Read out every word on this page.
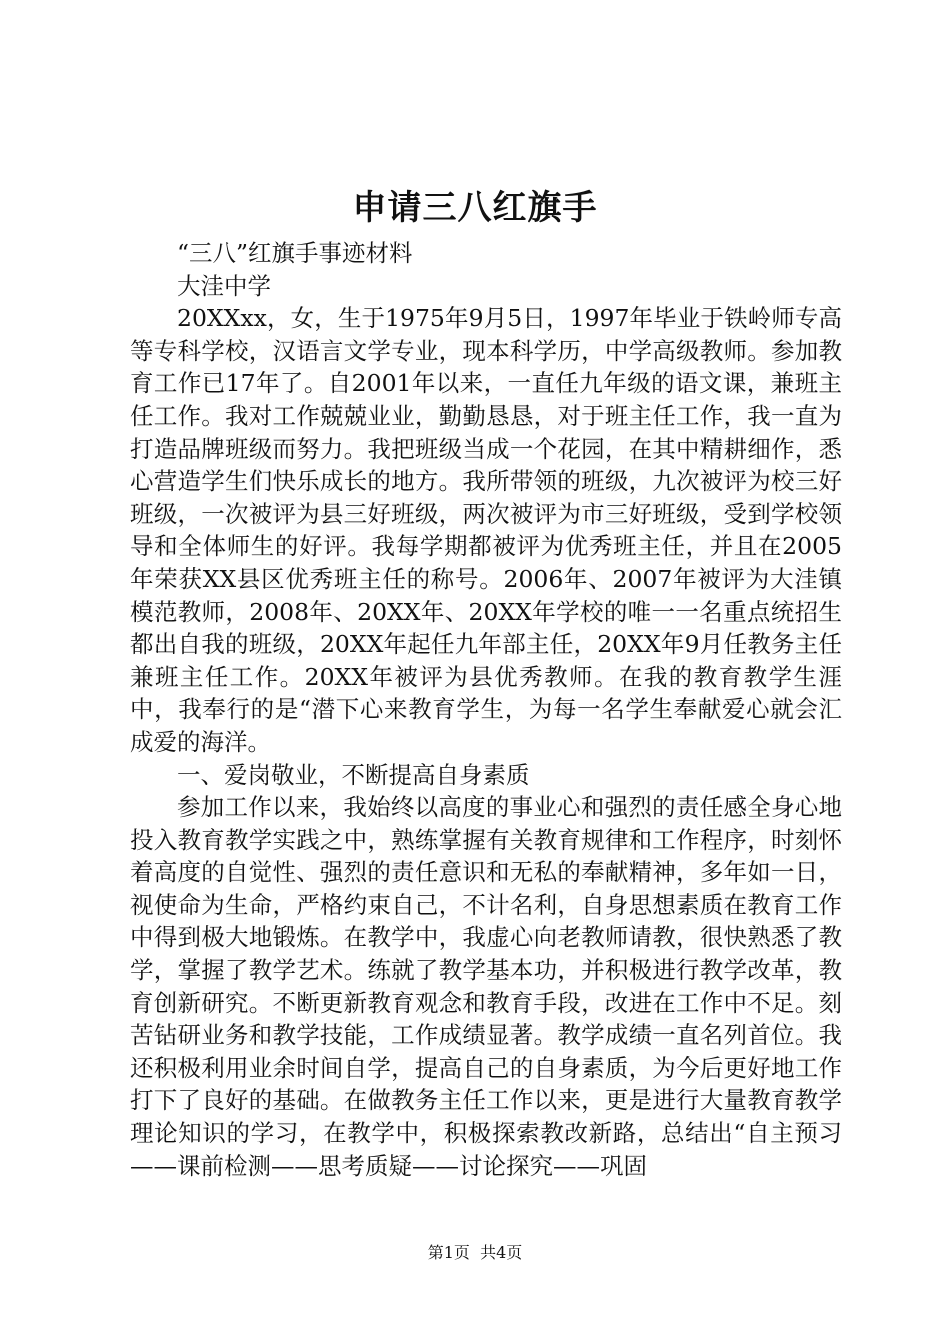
申请三八红旗手

“三八”红旗手事迹材料

大洼中学

20XXxx，女，生于1975年9月5日，1997年毕业于铁岭师专高等专科学校，汉语言文学专业，现本科学历，中学高级教师。参加教育工作已17年了。自2001年以来，一直任九年级的语文课，兼班主任工作。我对工作兢兢业业，勤勤恳恳，对于班主任工作，我一直为打造品牌班级而努力。我把班级当成一个花园，在其中精耕细作，悉心营造学生们快乐成长的地方。我所带领的班级，九次被评为校三好班级，一次被评为县三好班级，两次被评为市三好班级，受到学校领导和全体师生的好评。我每学期都被评为优秀班主任，并且在2005年荣获XX县区优秀班主任的称号。2006年、2007年被评为大洼镇模范教师，2008年、20XX年、20XX年学校的唯一一名重点统招生都出自我的班级，20XX年起任九年部主任，20XX年9月任教务主任兼班主任工作。20XX年被评为县优秀教师。在我的教育教学生涯中，我奉行的是“潜下心来教育学生，为每一名学生奉献爱心就会汇成爱的海洋。

一、爱岗敬业，不断提高自身素质

参加工作以来，我始终以高度的事业心和强烈的责任感全身心地投入教育教学实践之中，熟练掌握有关教育规律和工作程序，时刻怀着高度的自觉性、强烈的责任意识和无私的奉献精神，多年如一日，视使命为生命，严格约束自己，不计名利，自身思想素质在教育工作中得到极大地锻炼。在教学中，我虚心向老教师请教，很快熟悉了教学，掌握了教学艺术。练就了教学基本功，并积极进行教学改革，教育创新研究。不断更新教育观念和教育手段，改进在工作中不足。刻苦钻研业务和教学技能，工作成绩显著。教学成绩一直名列首位。我还积极利用业余时间自学，提高自己的自身素质，为今后更好地工作打下了良好的基础。在做教务主任工作以来，更是进行大量教育教学理论知识的学习，在教学中，积极探索教改新路，总结出“自主预习——课前检测——思考质疑——讨论探究——巩固

第1页 共4页
